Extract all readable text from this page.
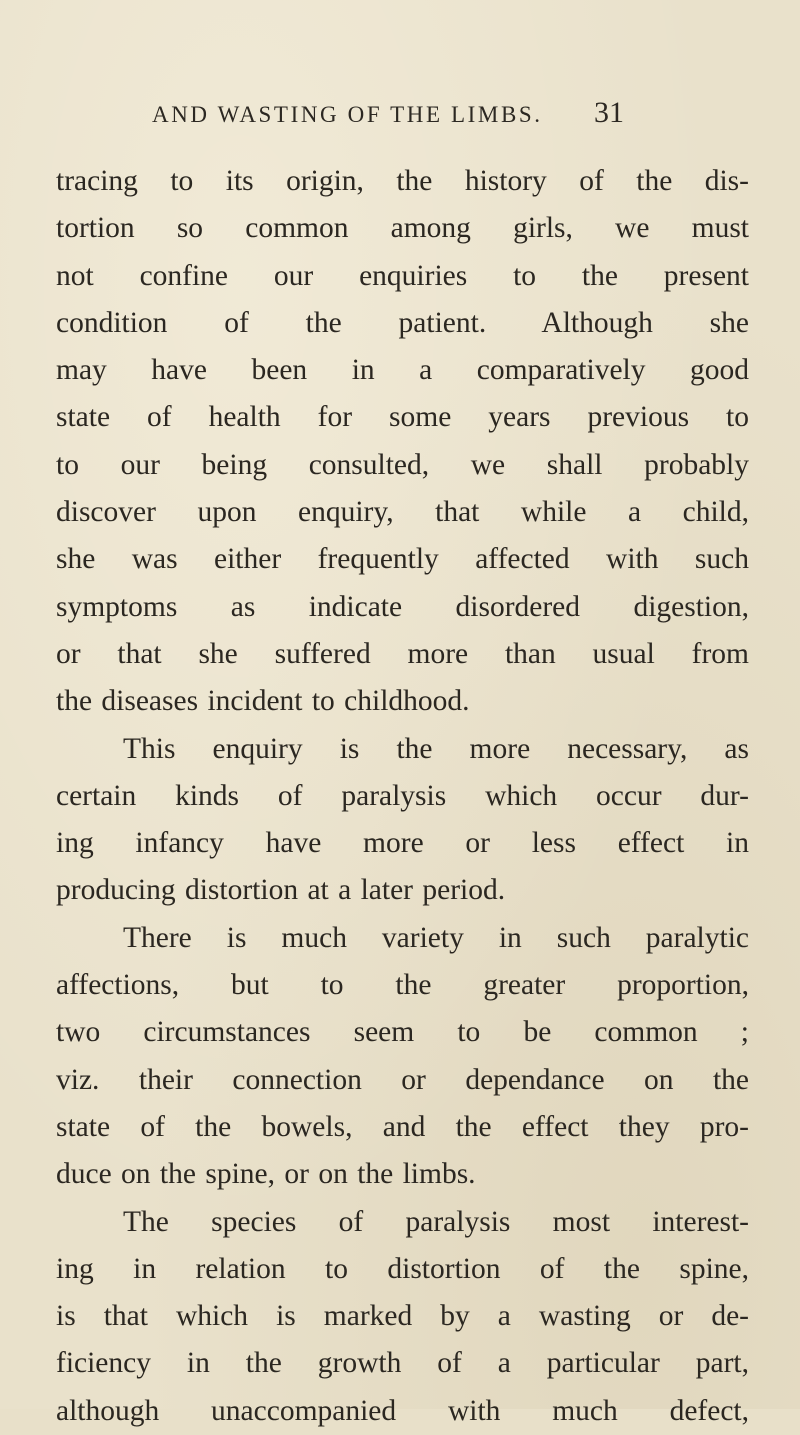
AND WASTING OF THE LIMBS. 31
tracing to its origin, the history of the dis-
tortion so common among girls, we must
not confine our enquiries to the present
condition of the patient. Although she
may have been in a comparatively good
state of health for some years previous to
to our being consulted, we shall probably
discover upon enquiry, that while a child,
she was either frequently affected with such
symptoms as indicate disordered digestion,
or that she suffered more than usual from
the diseases incident to childhood.
This enquiry is the more necessary, as
certain kinds of paralysis which occur dur-
ing infancy have more or less effect in
producing distortion at a later period.
There is much variety in such paralytic
affections, but to the greater proportion,
two circumstances seem to be common ;
viz. their connection or dependance on the
state of the bowels, and the effect they pro-
duce on the spine, or on the limbs.
The species of paralysis most interest-
ing in relation to distortion of the spine,
is that which is marked by a wasting or de-
ficiency in the growth of a particular part,
although unaccompanied with much defect,
